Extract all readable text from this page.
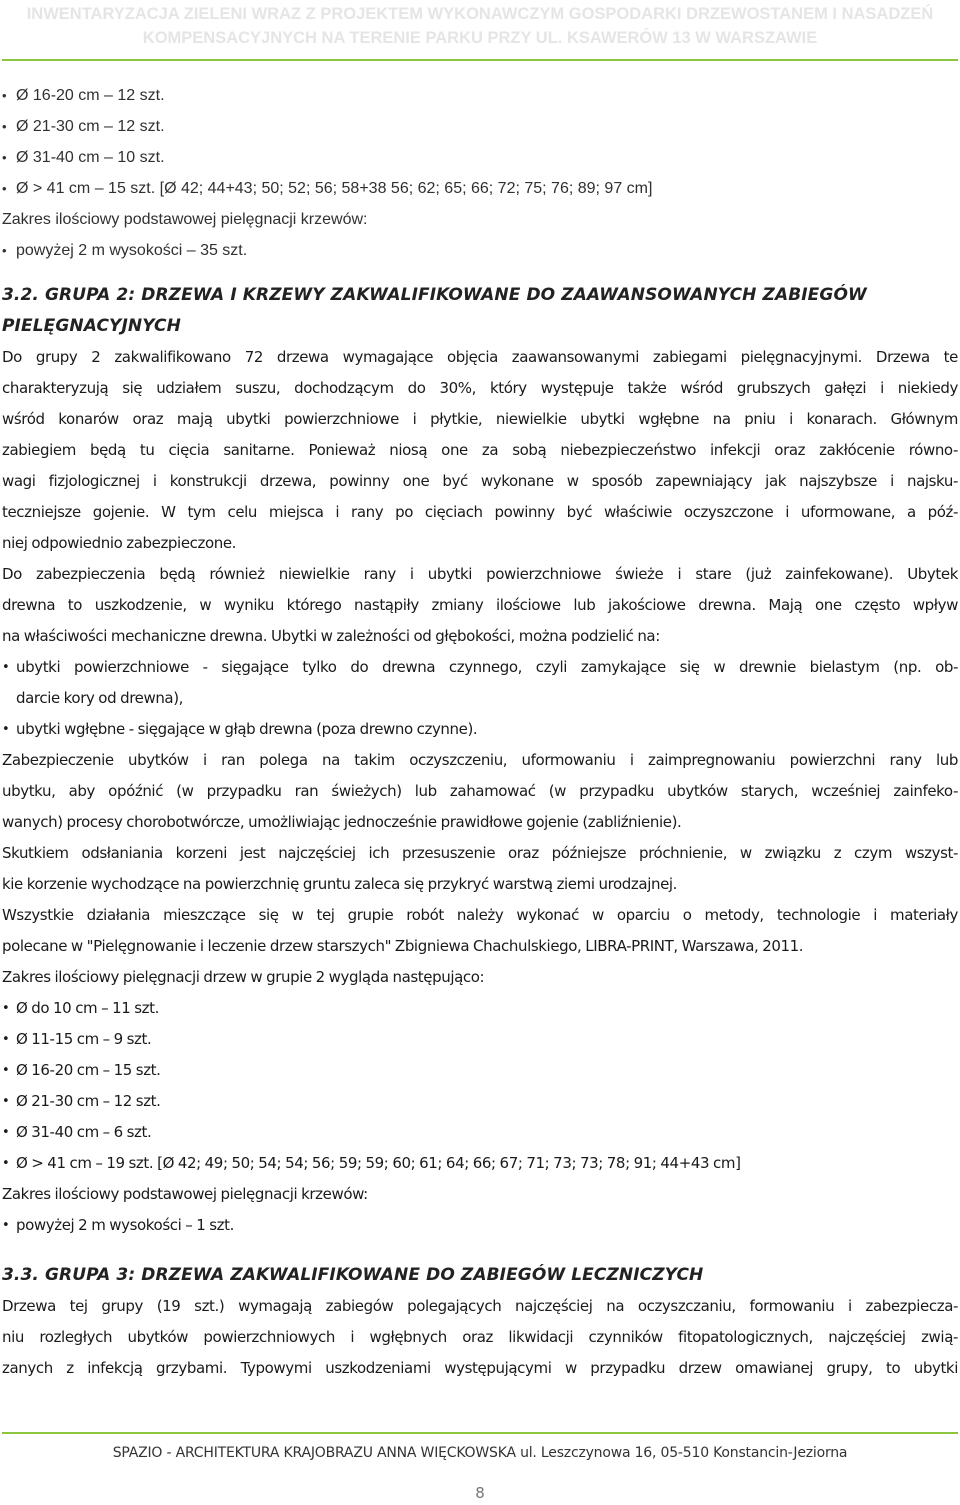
INWENTARYZACJA ZIELENI WRAZ Z PROJEKTEM WYKONAWCZYM GOSPODARKI DRZEWOSTANEM I NASADZEŃ
KOMPENSACYJNYCH NA TERENIE PARKU PRZY UL. KSAWERÓW 13 W WARSZAWIE
• Ø 16-20 cm – 12 szt.
• Ø 21-30 cm – 12 szt.
• Ø 31-40 cm – 10 szt.
• Ø > 41 cm – 15 szt. [Ø 42; 44+43; 50; 52; 56; 58+38 56; 62; 65; 66; 72; 75; 76; 89; 97 cm]
Zakres ilościowy podstawowej pielęgnacji krzewów:
• powyżej 2 m wysokości – 35 szt.
3.2. GRUPA 2: DRZEWA I KRZEWY ZAKWALIFIKOWANE DO ZAAWANSOWANYCH ZABIEGÓW
PIELĘGNACYJNYCH
Do grupy 2 zakwalifikowano 72 drzewa wymagające objęcia zaawansowanymi zabiegami pielęgnacyjnymi. Drzewa te
charakteryzują się udziałem suszu, dochodzącym do 30%, który występuje także wśród grubszych gałęzi i niekiedy
wśród konarów oraz mają ubytki powierzchniowe i płytkie, niewielkie ubytki wgłębne na pniu i konarach. Głównym
zabiegiem będą tu cięcia sanitarne. Ponieważ niosą one za sobą niebezpieczeństwo infekcji oraz zakłócenie równo-
wagi fizjologicznej i konstrukcji drzewa, powinny one być wykonane w sposób zapewniający jak najszybsze i najsku-
teczniejsze gojenie. W tym celu miejsca i rany po cięciach powinny być właściwie oczyszczone i uformowane, a póź-
niej odpowiednio zabezpieczone.
Do zabezpieczenia będą również niewielkie rany i ubytki powierzchniowe świeże i stare (już zainfekowane). Ubytek
drewna to uszkodzenie, w wyniku którego nastąpiły zmiany ilościowe lub jakościowe drewna. Mają one często wpływ
na właściwości mechaniczne drewna. Ubytki w zależności od głębokości, można podzielić na:
• ubytki powierzchniowe - sięgające tylko do drewna czynnego, czyli zamykające się w drewnie bielastym (np. ob-
darcie kory od drewna),
• ubytki wgłębne - sięgające w głąb drewna (poza drewno czynne).
Zabezpieczenie ubytków i ran polega na takim oczyszczeniu, uformowaniu i zaimpregnowaniu powierzchni rany lub
ubytku, aby opóźnić (w przypadku ran świeżych) lub zahamować (w przypadku ubytków starych, wcześniej zainfeko-
wanych) procesy chorobotwórcze, umożliwiając jednocześnie prawidłowe gojenie (zabliźnienie).
Skutkiem odsłaniania korzeni jest najczęściej ich przesuszenie oraz późniejsze próchnienie, w związku z czym wszyst-
kie korzenie wychodzące na powierzchnię gruntu zaleca się przykryć warstwą ziemi urodzajnej.
Wszystkie działania mieszczące się w tej grupie robót należy wykonać w oparciu o metody, technologie i materiały
polecane w "Pielęgnowanie i leczenie drzew starszych" Zbigniewa Chachulskiego, LIBRA-PRINT, Warszawa, 2011.
Zakres ilościowy pielęgnacji drzew w grupie 2 wygląda następująco:
• Ø do 10 cm – 11 szt.
• Ø 11-15 cm – 9 szt.
• Ø 16-20 cm – 15 szt.
• Ø 21-30 cm – 12 szt.
• Ø 31-40 cm – 6 szt.
• Ø > 41 cm – 19 szt. [Ø 42; 49; 50; 54; 54; 56; 59; 59; 60; 61; 64; 66; 67; 71; 73; 73; 78; 91; 44+43 cm]
Zakres ilościowy podstawowej pielęgnacji krzewów:
• powyżej 2 m wysokości – 1 szt.
3.3. GRUPA 3: DRZEWA ZAKWALIFIKOWANE DO ZABIEGÓW LECZNICZYCH
Drzewa tej grupy (19 szt.) wymagają zabiegów polegających najczęściej na oczyszczaniu, formowaniu i zabezpiecza-
niu rozległych ubytków powierzchniowych i wgłębnych oraz likwidacji czynników fitopatologicznych, najczęściej zwią-
zanych z infekcją grzybami. Typowymi uszkodzeniami występującymi w przypadku drzew omawianej grupy, to ubytki
SPAZIO - ARCHITEKTURA KRAJOBRAZU ANNA WIĘCKOWSKA ul. Leszczynowa 16, 05-510 Konstancin-Jeziorna
8
